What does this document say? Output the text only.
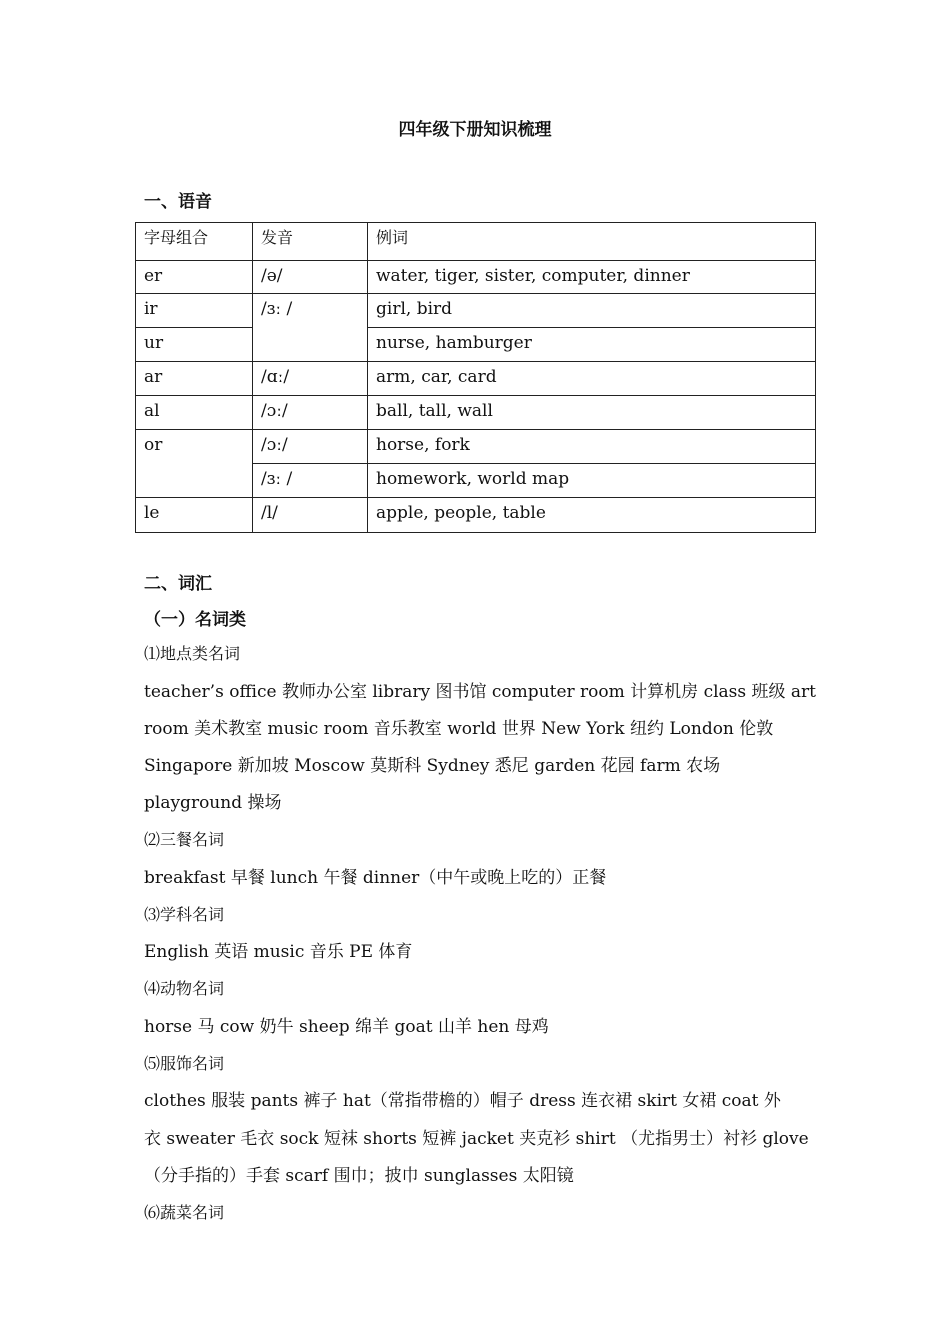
四年级下册知识梳理
一、语音
字母组合	发音	例词
er	/ə/	water, tiger, sister, computer, dinner
ir	/ɜː /	girl, bird
ur		nurse, hamburger
ar	/ɑː/	arm, car, card
al	/ɔː/	ball, tall, wall
or	/ɔː/	horse, fork
	/ɜː /	homework, world map
le	/l/	apple, people, table
二、词汇
（一）名词类
⑴地点类名词
teacher’s office 教师办公室 library 图书馆 computer room 计算机房 class 班级 art
room 美术教室 music room 音乐教室 world 世界 New York 纽约 London 伦敦
Singapore 新加坡 Moscow 莫斯科 Sydney 悉尼 garden 花园 farm 农场
playground 操场
⑵三餐名词
breakfast 早餐 lunch 午餐 dinner（中午或晚上吃的）正餐
⑶学科名词
English 英语 music 音乐 PE 体育
⑷动物名词
horse 马 cow 奶牛 sheep 绵羊 goat 山羊 hen 母鸡
⑸服饰名词
clothes 服装 pants 裤子 hat（常指带檐的）帽子 dress 连衣裙 skirt 女裙 coat 外
衣 sweater 毛衣 sock 短袜 shorts 短裤 jacket 夹克衫 shirt （尤指男士）衬衫 glove
（分手指的）手套 scarf 围巾；披巾 sunglasses 太阳镜
⑹蔬菜名词
